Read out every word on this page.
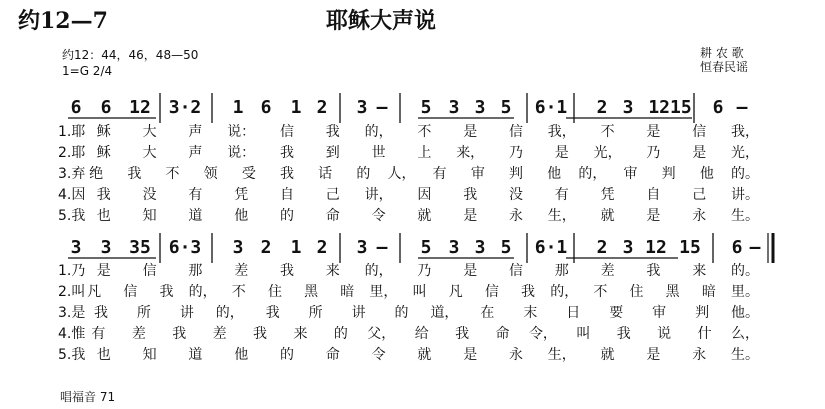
约12—7	耶稣大声说
约12：44，46，48—50
1=G 2/4
耕 农 歌
恒春民谣
唱福音 71
6 6 12 3·2 1 6 1 2 3 – 5 3 3 5 6·1 2 3 1215 6 –
1.耶 稣 大 声 说： 信 我 的， 不 是 信 我， 不 是 信 我，
2.耶 稣 大 声 说： 我 到 世 上 来， 乃 是 光， 乃 是 光，
3.弃 绝 我 不 领 受 我 话 的 人， 有 审 判 他 的， 审 判 他 的。
4.因 我 没 有 凭 自 己 讲， 因 我 没 有 凭 自 己 讲。
5.我 也 知 道 他 的 命 令 就 是 永 生， 就 是 永 生。
3 3 35 6·3 3 2 1 2 3 – 5 3 3 5 6·1 2 3 12 15 6 –
1.乃 是 信 那 差 我 来 的， 乃 是 信 那 差 我 来 的。
2.叫 凡 信 我 的， 不 住 黑 暗 里， 叫 凡 信 我 的， 不 住 黑 暗 里。
3.是 我 所 讲 的， 我 所 讲 的 道， 在 末 日 要 审 判 他。
4.惟 有 差 我 差 我 来 的 父， 给 我 命 令， 叫 我 说 什 么，
5.我 也 知 道 他 的 命 令 就 是 永 生， 就 是 永 生。
